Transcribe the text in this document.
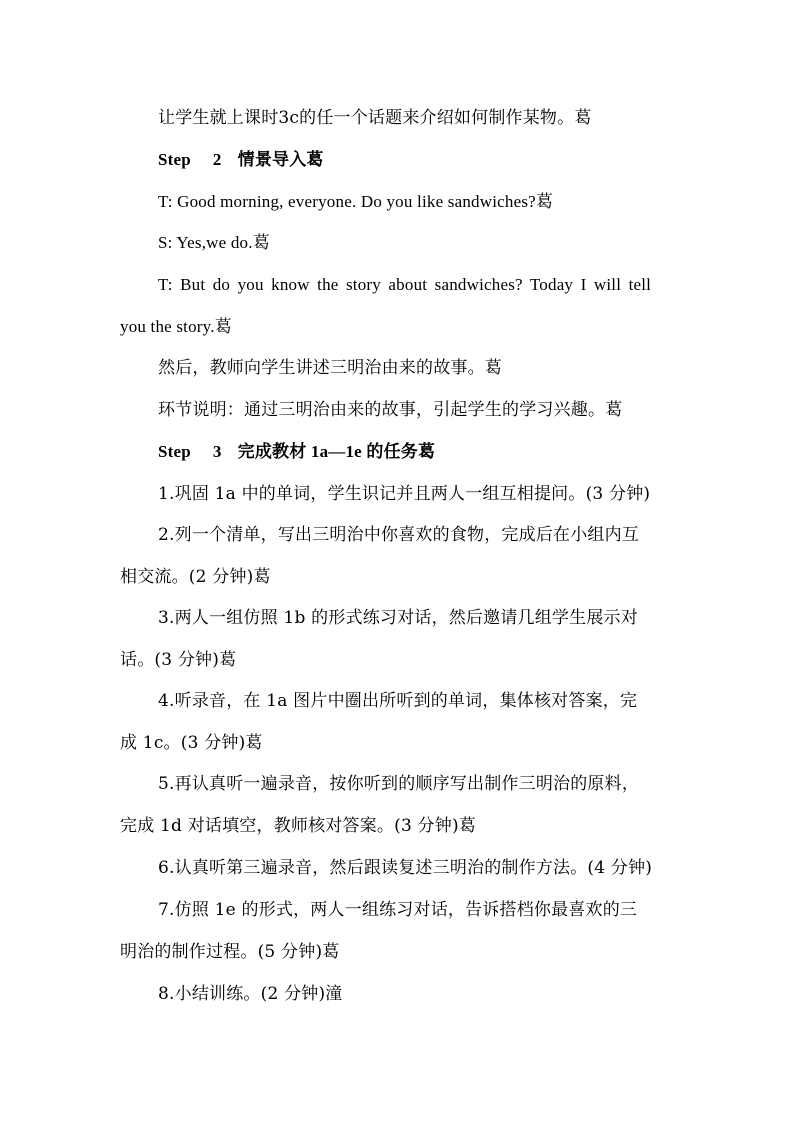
让学生就上课时3c的任一个话题来介绍如何制作某物。葛
Step 2 情景导入葛
T: Good morning, everyone. Do you like sandwiches?葛
S: Yes,we do.葛
T: But do you know the story about sandwiches? Today I will tell
you the story.葛
然后，教师向学生讲述三明治由来的故事。葛
环节说明：通过三明治由来的故事，引起学生的学习兴趣。葛
Step 3 完成教材 1a—1e 的任务葛
1.巩固 1a 中的单词，学生识记并且两人一组互相提问。(3 分钟)
2.列一个清单，写出三明治中你喜欢的食物，完成后在小组内互
相交流。(2 分钟)葛
3.两人一组仿照 1b 的形式练习对话，然后邀请几组学生展示对
话。(3 分钟)葛
4.听录音，在 1a 图片中圈出所听到的单词，集体核对答案，完
成 1c。(3 分钟)葛
5.再认真听一遍录音，按你听到的顺序写出制作三明治的原料，
完成 1d 对话填空，教师核对答案。(3 分钟)葛
6.认真听第三遍录音，然后跟读复述三明治的制作方法。(4 分钟)
7.仿照 1e 的形式，两人一组练习对话，告诉搭档你最喜欢的三
明治的制作过程。(5 分钟)葛
8.小结训练。(2 分钟)潼
